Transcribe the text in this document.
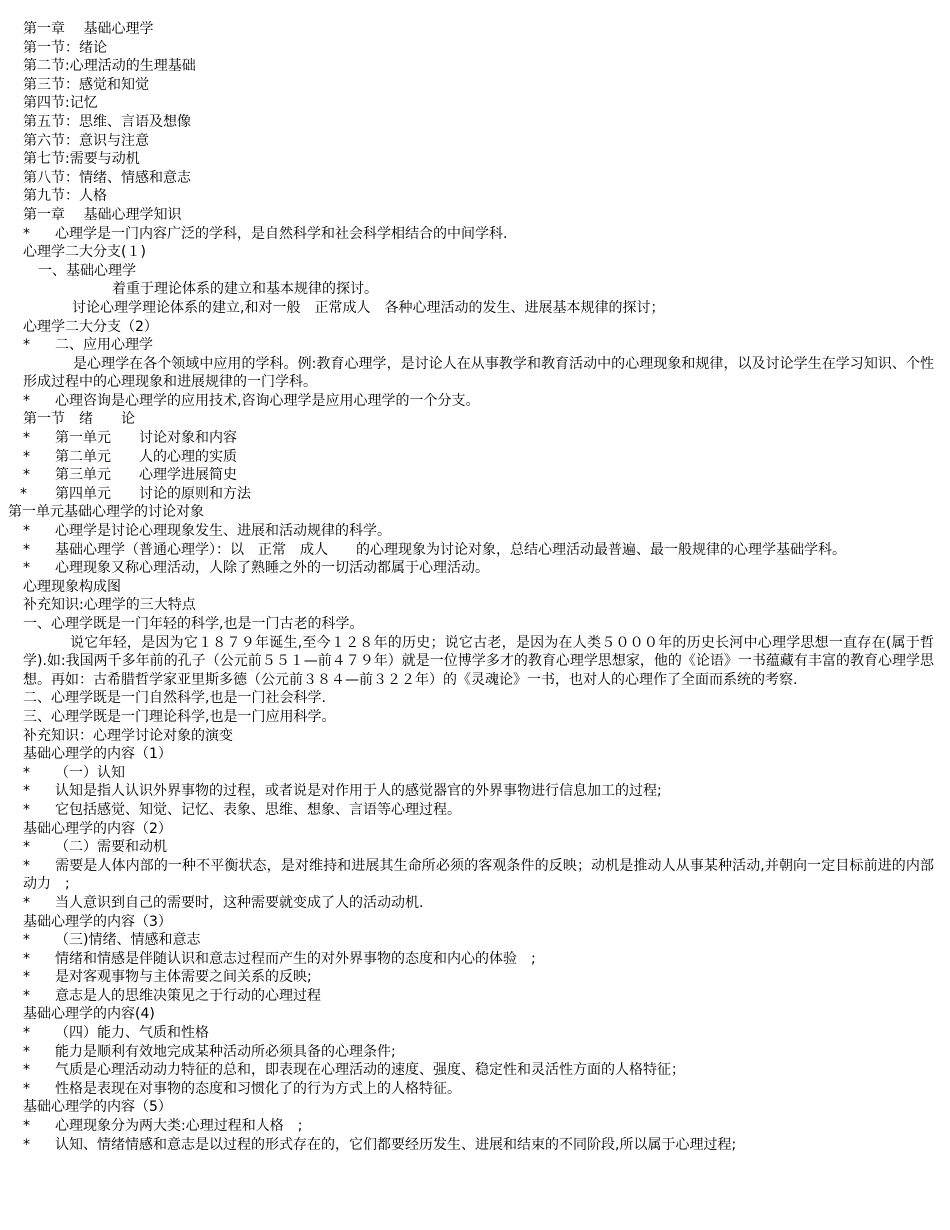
第一章　 基础心理学
第一节：绪论
第二节:心理活动的生理基础
第三节：感觉和知觉
第四节:记忆
第五节：思维、言语及想像
第六节：意识与注意
第七节:需要与动机
第八节：情绪、情感和意志
第九节：人格
第一章　 基础心理学知识
*	心理学是一门内容广泛的学科，是自然科学和社会科学相结合的中间学科.
心理学二大分支(１)
一、基础心理学
着重于理论体系的建立和基本规律的探讨。
讨论心理学理论体系的建立,和对一般　正常成人　各种心理活动的发生、进展基本规律的探讨；
心理学二大分支（2）
*	二、应用心理学
是心理学在各个领域中应用的学科。例:教育心理学，是讨论人在从事教学和教育活动中的心理现象和规律，以及讨论学生在学习知识、个性形成过程中的心理现象和进展规律的一门学科。
*	心理咨询是心理学的应用技术,咨询心理学是应用心理学的一个分支。
第一节　绪　　论
*	第一单元　　讨论对象和内容
*	第二单元　　人的心理的实质
*	第三单元　　心理学进展简史
*	第四单元　　讨论的原则和方法
第一单元基础心理学的讨论对象
*	心理学是讨论心理现象发生、进展和活动规律的科学。
* 基础心理学（普通心理学）：以　正常　成人　　的心理现象为讨论对象，总结心理活动最普遍、最一般规律的心理学基础学科。
*	心理现象又称心理活动，人除了熟睡之外的一切活动都属于心理活动。
心理现象构成图
补充知识:心理学的三大特点
一、心理学既是一门年轻的科学,也是一门古老的科学。
说它年轻，是因为它１８７９年诞生,至今１２８年的历史；说它古老，是因为在人类５０００年的历史长河中心理学思想一直存在(属于哲学).如:我国两千多年前的孔子（公元前５５１—前４７９年）就是一位博学多才的教育心理学思想家，他的《论语》一书蕴藏有丰富的教育心理学思想。再如：古希腊哲学家亚里斯多德（公元前３８４—前３２２年）的《灵魂论》一书，也对人的心理作了全面而系统的考察.
二、心理学既是一门自然科学,也是一门社会科学.
三、心理学既是一门理论科学,也是一门应用科学。
补充知识：心理学讨论对象的演变
基础心理学的内容（1）
*	（一）认知
*	认知是指人认识外界事物的过程，或者说是对作用于人的感觉器官的外界事物进行信息加工的过程;
*	它包括感觉、知觉、记忆、表象、思维、想象、言语等心理过程。
基础心理学的内容（2）
*	（二）需要和动机
* 需要是人体内部的一种不平衡状态，是对维持和进展其生命所必须的客观条件的反映；动机是推动人从事某种活动,并朝向一定目标前进的内部动力　;
*	当人意识到自己的需要时，这种需要就变成了人的活动动机.
基础心理学的内容（3）
*	（三)情绪、情感和意志
*	情绪和情感是伴随认识和意志过程而产生的对外界事物的态度和内心的体验　;
*	是对客观事物与主体需要之间关系的反映;
*	意志是人的思维决策见之于行动的心理过程
基础心理学的内容(4)
*	（四）能力、气质和性格
*	能力是顺利有效地完成某种活动所必须具备的心理条件;
*	气质是心理活动动力特征的总和，即表现在心理活动的速度、强度、稳定性和灵活性方面的人格特征；
*	性格是表现在对事物的态度和习惯化了的行为方式上的人格特征。
基础心理学的内容（5）
*	心理现象分为两大类:心理过程和人格　;
*	认知、情绪情感和意志是以过程的形式存在的，它们都要经历发生、进展和结束的不同阶段,所以属于心理过程;
